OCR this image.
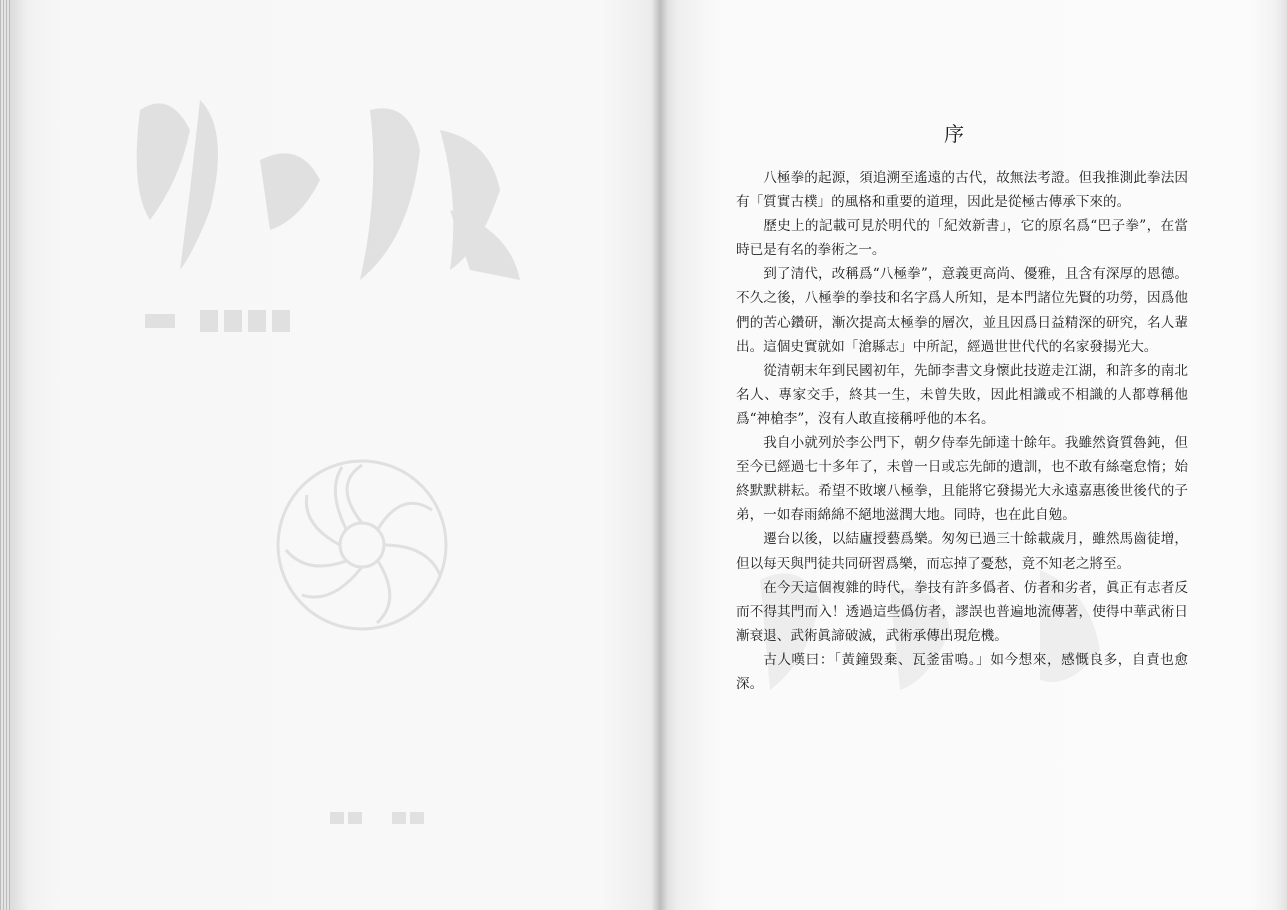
序

八極拳的起源，須追溯至遙遠的古代，故無法考證。但我推測此拳法因有「質實古樸」的風格和重要的道理，因此是從極古傳承下來的。

歷史上的記載可見於明代的「紀效新書」，它的原名爲“巴子拳”，在當時已是有名的拳術之一。

到了清代，改稱爲“八極拳”，意義更高尚、優雅，且含有深厚的恩德。不久之後，八極拳的拳技和名字爲人所知，是本門諸位先賢的功勞，因爲他們的苦心鑽研，漸次提高太極拳的層次，並且因爲日益精深的研究，名人輩出。這個史實就如「滄縣志」中所記，經過世世代代的名家發揚光大。

從清朝末年到民國初年，先師李書文身懷此技遊走江湖，和許多的南北名人、專家交手，終其一生，未曾失敗，因此相識或不相識的人都尊稱他爲“神槍李”，沒有人敢直接稱呼他的本名。

我自小就列於李公門下，朝夕侍奉先師達十餘年。我雖然資質魯鈍，但至今已經過七十多年了，未曾一日或忘先師的遺訓，也不敢有絲毫怠惰；始終默默耕耘。希望不敗壞八極拳，且能將它發揚光大永遠嘉惠後世後代的子弟，一如春雨綿綿不絕地滋潤大地。同時，也在此自勉。

遷台以後，以結廬授藝爲樂。匆匆已過三十餘載歲月，雖然馬齒徒增，但以每天與門徒共同研習爲樂，而忘掉了憂愁，竟不知老之將至。

在今天這個複雜的時代，拳技有許多僞者、仿者和劣者，眞正有志者反而不得其門而入！透過這些僞仿者，謬誤也普遍地流傳著，使得中華武術日漸衰退、武術眞諦破滅，武術承傳出現危機。

古人嘆曰：「黃鐘毀棄、瓦釜雷鳴。」如今想來，感慨良多，自責也愈深。
